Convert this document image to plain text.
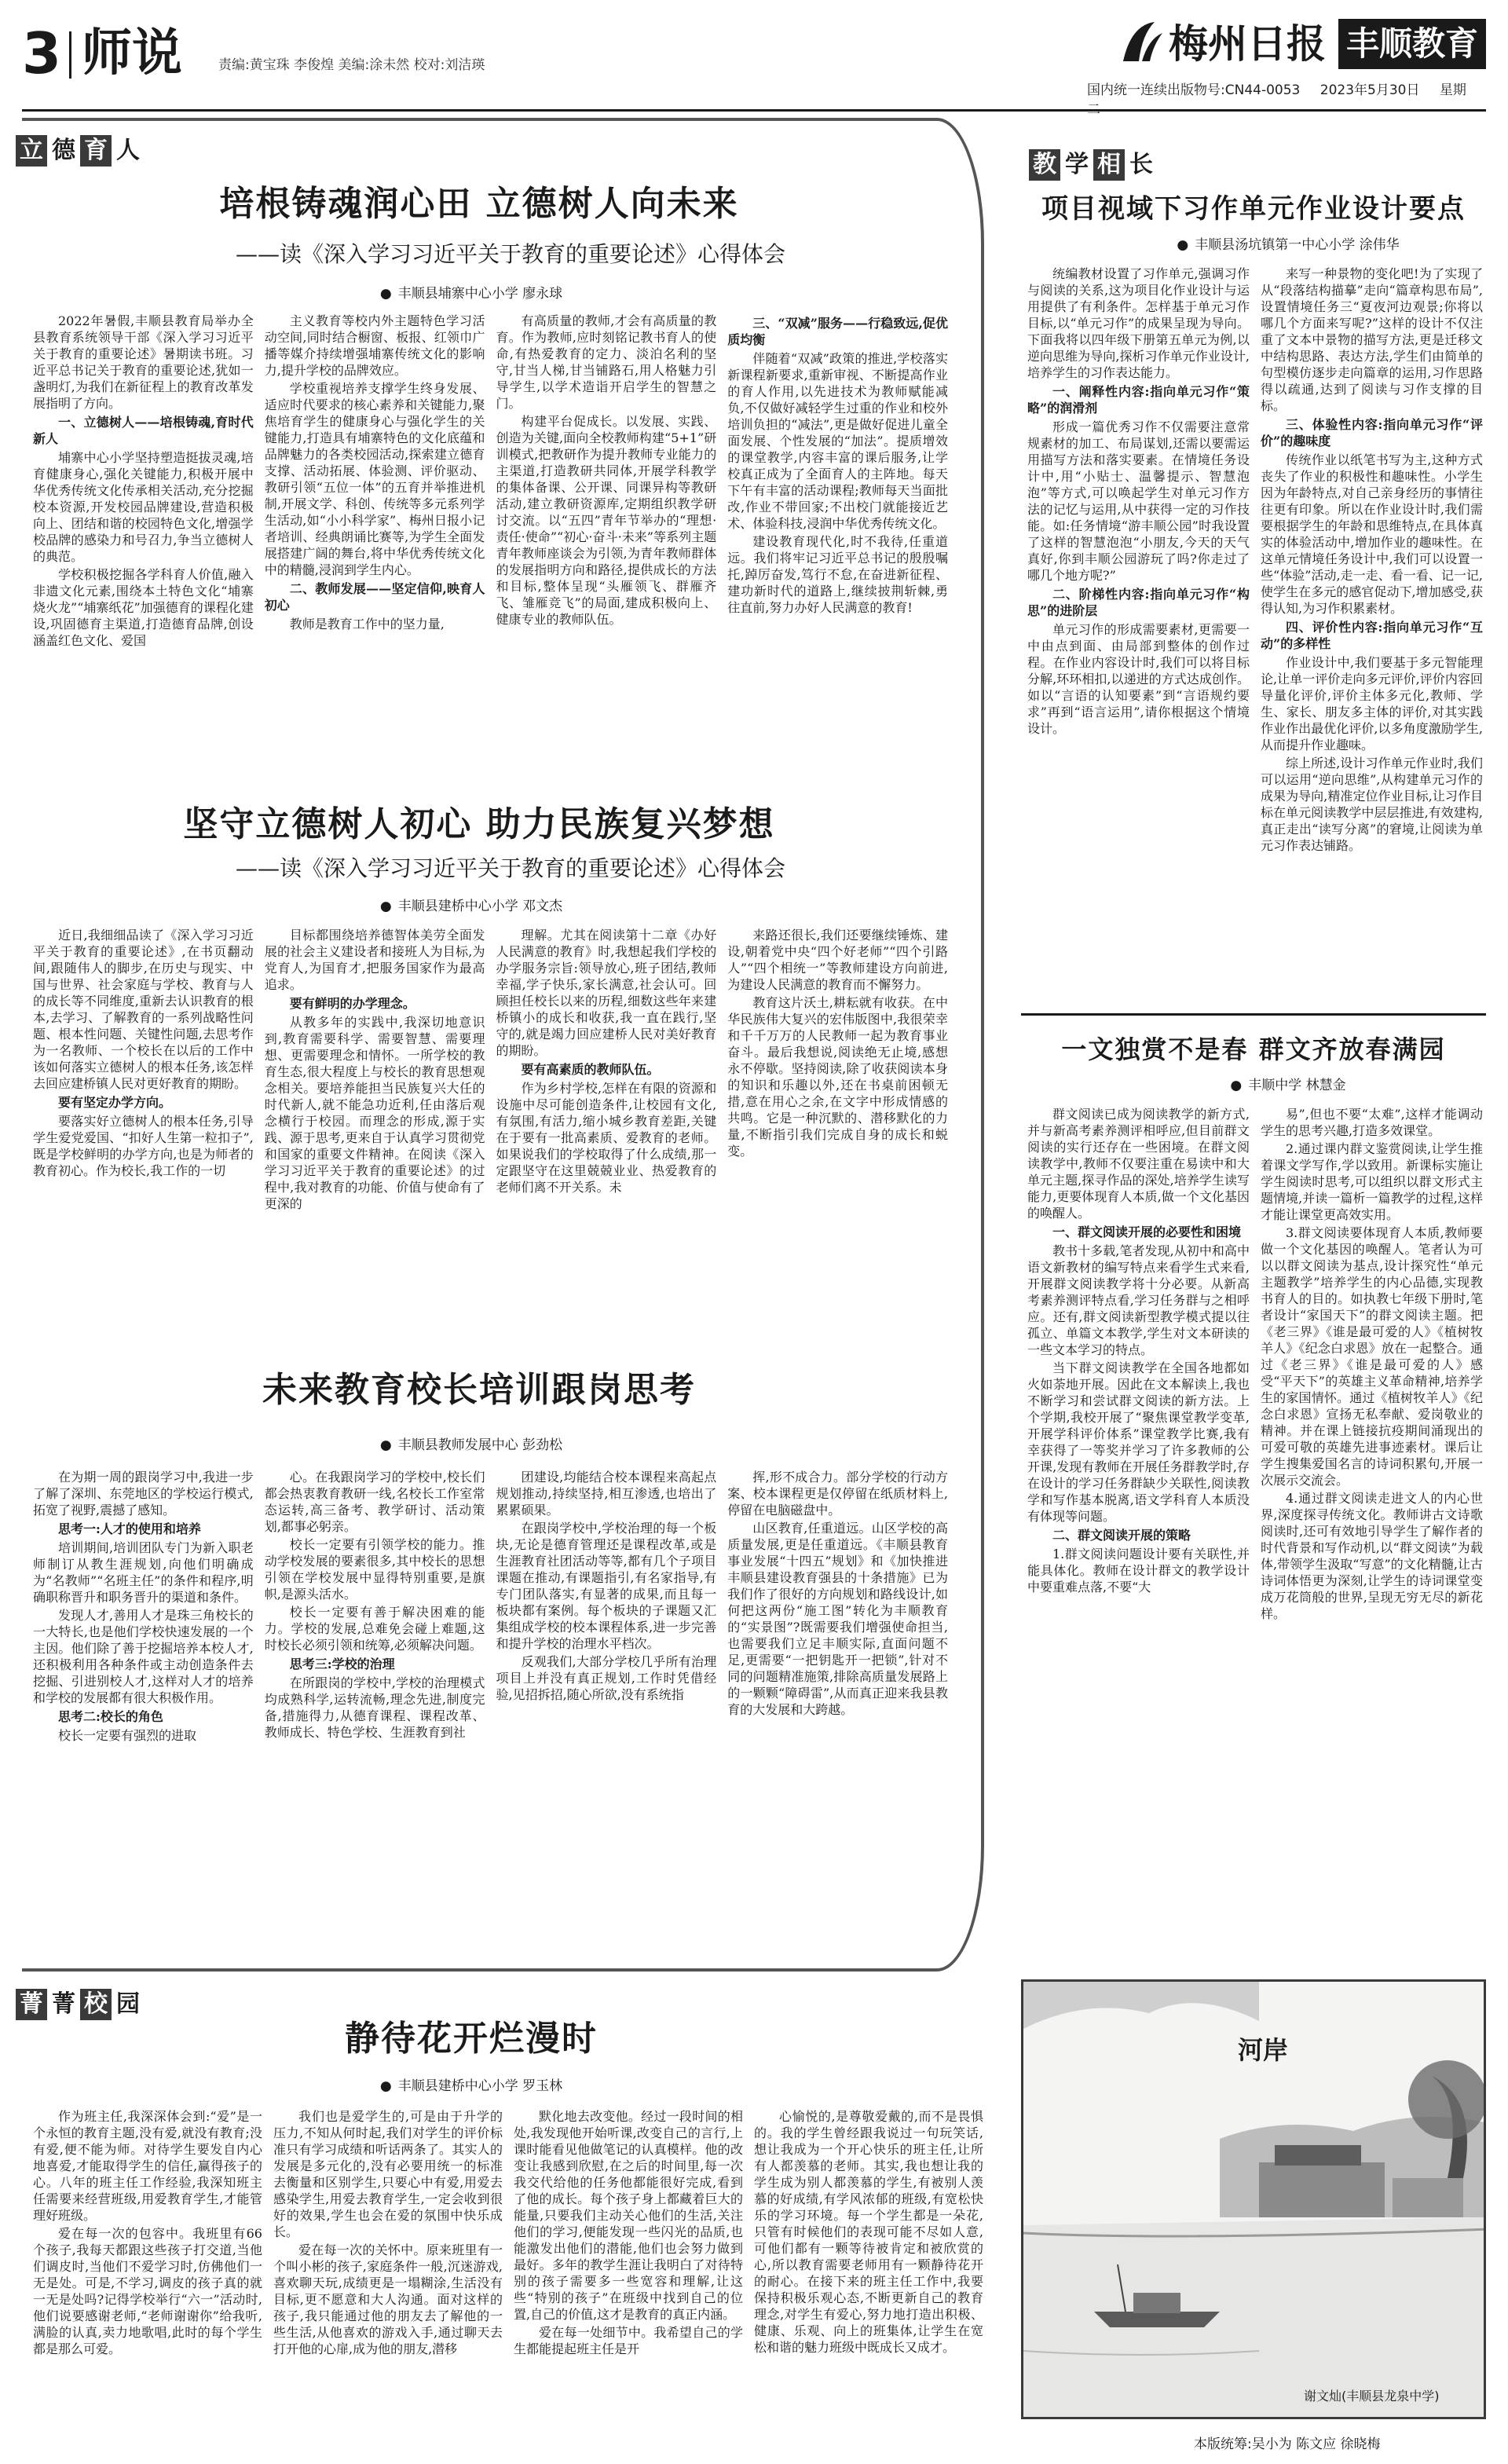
3 师说	责编:黄宝珠 李俊煌 美编:涂未然 校对:刘洁瑛	梅州日报 丰顺教育
国内统一连续出版物号:CN44-0053 2023年5月30日 星期二
立 德 育 人
培根铸魂润心田 立德树人向未来
——读《深入学习习近平关于教育的重要论述》心得体会
● 丰顺县埔寨中心小学 廖永球

2022年暑假,丰顺县教育局举办全县教育系统领导干部《深入学习习近平关于教育的重要论述》暑期读书班。习近平总书记关于教育的重要论述,犹如一盏明灯,为我们在新征程上的教育改革发展指明了方向。

一、立德树人——培根铸魂,育时代新人

埔寨中心小学坚持塑造挺拔灵魂,培育健康身心,强化关键能力,积极开展中华优秀传统文化传承相关活动,充分挖掘校本资源,开发校园品牌建设,营造积极向上、团结和谐的校园特色文化,增强学校品牌的感染力和号召力,争当立德树人的典范。

学校积极挖掘各学科育人价值,融入非遗文化元素,围绕本土特色文化“埔寨烧火龙”“埔寨纸花”加强德育的课程化建设,巩固德育主渠道,打造德育品牌,创设涵盖红色文化、爱国

主义教育等校内外主题特色学习活动空间,同时结合橱窗、板报、红领巾广播等媒介持续增强埔寨传统文化的影响力,提升学校的品牌效应。

学校重视培养支撑学生终身发展、适应时代要求的核心素养和关键能力,聚焦培育学生的健康身心与强化学生的关键能力,打造具有埔寨特色的文化底蕴和品牌魅力的各类校园活动,探索建立德育支撑、活动拓展、体验测、评价驱动、教研引领“五位一体”的五育并举推进机制,开展文学、科创、传统等多元系列学生活动,如“小小科学家”、梅州日报小记者培训、经典朗诵比赛等,为学生全面发展搭建广阔的舞台,将中华优秀传统文化中的精髓,浸润到学生内心。

二、教师发展——坚定信仰,映育人初心

教师是教育工作中的坚力量,

有高质量的教师,才会有高质量的教育。作为教师,应时刻铭记教书育人的使命,有热爱教育的定力、淡泊名利的坚守,甘当人梯,甘当铺路石,用人格魅力引导学生,以学术造诣开启学生的智慧之门。

构建平台促成长。以发展、实践、创造为关键,面向全校教师构建“5+1”研训模式,把教研作为提升教师专业能力的主渠道,打造教研共同体,开展学科教学的集体备课、公开课、同课异构等教研活动,建立教研资源库,定期组织教学研讨交流。以“五四”青年节举办的“理想·责任·使命”“初心·奋斗·未来”等系列主题青年教师座谈会为引领,为青年教师群体的发展指明方向和路径,提供成长的方法和目标,整体呈现“头雁领飞、群雁齐飞、雏雁竞飞”的局面,建成积极向上、健康专业的教师队伍。

三、“双减”服务——行稳致远,促优质均衡

伴随着“双减”政策的推进,学校落实新课程新要求,重新审视、不断提高作业的育人作用,以先进技术为教师赋能减负,不仅做好减轻学生过重的作业和校外培训负担的“减法”,更是做好促进儿童全面发展、个性发展的“加法”。提质增效的课堂教学,内容丰富的课后服务,让学校真正成为了全面育人的主阵地。每天下午有丰富的活动课程;教师每天当面批改,作业不带回家;不出校门就能接近艺术、体验科技,浸润中华优秀传统文化。

建设教育现代化,时不我待,任重道远。我们将牢记习近平总书记的殷殷嘱托,踔厉奋发,笃行不怠,在奋进新征程、建功新时代的道路上,继续披荆斩棘,勇往直前,努力办好人民满意的教育!

坚守立德树人初心 助力民族复兴梦想
——读《深入学习习近平关于教育的重要论述》心得体会
● 丰顺县建桥中心小学 邓文杰

近日,我细细品读了《深入学习习近平关于教育的重要论述》,在书页翻动间,跟随伟人的脚步,在历史与现实、中国与世界、社会家庭与学校、教育与人的成长等不同维度,重新去认识教育的根本,去学习、了解教育的一系列战略性问题、根本性问题、关键性问题,去思考作为一名教师、一个校长在以后的工作中该如何落实立德树人的根本任务,该怎样去回应建桥镇人民对更好教育的期盼。

要有坚定办学方向。

要落实好立德树人的根本任务,引导学生爱党爱国、“扣好人生第一粒扣子”,既是学校鲜明的办学方向,也是为师者的教育初心。作为校长,我工作的一切

目标都围绕培养德智体美劳全面发展的社会主义建设者和接班人为目标,为党育人,为国育才,把服务国家作为最高追求。

要有鲜明的办学理念。

从教多年的实践中,我深切地意识到,教育需要科学、需要智慧、需要理想、更需要理念和情怀。一所学校的教育生态,很大程度上与校长的教育思想观念相关。要培养能担当民族复兴大任的时代新人,就不能急功近利,任由落后观念横行于校园。而理念的形成,源于实践、源于思考,更来自于认真学习贯彻党和国家的重要文件精神。在阅读《深入学习习近平关于教育的重要论述》的过程中,我对教育的功能、价值与使命有了更深的

理解。尤其在阅读第十二章《办好人民满意的教育》时,我想起我们学校的办学服务宗旨:领导放心,班子团结,教师幸福,学子快乐,家长满意,社会认可。回顾担任校长以来的历程,细数这些年来建桥镇小的成长和收获,我一直在践行,坚守的,就是竭力回应建桥人民对美好教育的期盼。

要有高素质的教师队伍。

作为乡村学校,怎样在有限的资源和设施中尽可能创造条件,让校园有文化,有氛围,有活力,缩小城乡教育差距,关键在于要有一批高素质、爱教育的老师。如果说我们的学校取得了什么成绩,那一定跟坚守在这里兢兢业业、热爱教育的老师们离不开关系。未

来路还很长,我们还要继续锤炼、建设,朝着党中央“四个好老师”“四个引路人”“四个相统一”等教师建设方向前进,为建设人民满意的教育而不懈努力。

教育这片沃土,耕耘就有收获。在中华民族伟大复兴的宏伟版图中,我很荣幸和千千万万的人民教师一起为教育事业奋斗。最后我想说,阅读绝无止境,感想永不停歇。坚持阅读,除了收获阅读本身的知识和乐趣以外,还在书桌前困顿无措,意在用心之余,在文字中形成情感的共鸣。它是一种沉默的、潜移默化的力量,不断指引我们完成自身的成长和蜕变。

未来教育校长培训跟岗思考
● 丰顺县教师发展中心 彭劲松

在为期一周的跟岗学习中,我进一步了解了深圳、东莞地区的学校运行模式,拓宽了视野,震撼了感知。

思考一:人才的使用和培养

培训期间,培训团队专门为新入职老师制订从教生涯规划,向他们明确成为“名教师”“名班主任”的条件和程序,明确职称晋升和职务晋升的渠道和条件。

发现人才,善用人才是珠三角校长的一大特长,也是他们学校快速发展的一个主因。他们除了善于挖掘培养本校人才,还积极利用各种条件或主动创造条件去挖掘、引进别校人才,这样对人才的培养和学校的发展都有很大积极作用。

思考二:校长的角色

校长一定要有强烈的进取

心。在我跟岗学习的学校中,校长们都会热衷教育教研一线,名校长工作室常态运转,高三备考、教学研讨、活动策划,都事必躬亲。

校长一定要有引领学校的能力。推动学校发展的要素很多,其中校长的思想引领在学校发展中显得特别重要,是旗帜,是源头活水。

校长一定要有善于解决困难的能力。学校的发展,总难免会碰上难题,这时校长必须引领和统筹,必须解决问题。

思考三:学校的治理

在所跟岗的学校中,学校的治理模式均成熟科学,运转流畅,理念先进,制度完备,措施得力,从德育课程、课程改革、教师成长、特色学校、生涯教育到社

团建设,均能结合校本课程来高起点规划推动,持续坚持,相互渗透,也培出了累累硕果。

在跟岗学校中,学校治理的每一个板块,无论是德育管理还是课程改革,或是生涯教育社团活动等等,都有几个子项目课题在推动,有课题指引,有名家指导,有专门团队落实,有显著的成果,而且每一板块都有案例。每个板块的子课题又汇集组成学校的校本课程体系,进一步完善和提升学校的治理水平档次。

反观我们,大部分学校几乎所有治理项目上并没有真正规划,工作时凭借经验,见招拆招,随心所欲,没有系统指

挥,形不成合力。部分学校的行动方案、校本课程更是仅停留在纸质材料上,停留在电脑磁盘中。

山区教育,任重道远。山区学校的高质量发展,更是任重道远。《丰顺县教育事业发展“十四五”规划》和《加快推进丰顺县建设教育强县的十条措施》已为我们作了很好的方向规划和路线设计,如何把这两份“施工图”转化为丰顺教育的“实景图”?既需要我们增强使命担当,也需要我们立足丰顺实际,直面问题不足,更需要“一把钥匙开一把锁”,针对不同的问题精准施策,排除高质量发展路上的一颗颗“障碍雷”,从而真正迎来我县教育的大发展和大跨越。

菁 菁 校 园
静待花开烂漫时
● 丰顺县建桥中心小学 罗玉林

作为班主任,我深深体会到:“爱”是一个永恒的教育主题,没有爱,就没有教育;没有爱,便不能为师。对待学生要发自内心地喜爱,才能取得学生的信任,赢得孩子的心。八年的班主任工作经验,我深知班主任需要来经营班级,用爱教育学生,才能管理好班级。

爱在每一次的包容中。我班里有66个孩子,我每天都跟这些孩子打交道,当他们调皮时,当他们不爱学习时,仿佛他们一无是处。可是,不学习,调皮的孩子真的就一无是处吗?记得学校举行“六一”活动时,他们说要感谢老师,“老师谢谢你”给我听,满脸的认真,卖力地歌唱,此时的每个学生都是那么可爱。

我们也是爱学生的,可是由于升学的压力,不知从何时起,我们对学生的评价标准只有学习成绩和听话两条了。其实人的发展是多元化的,没有必要用统一的标准去衡量和区别学生,只要心中有爱,用爱去感染学生,用爱去教育学生,一定会收到很好的效果,学生也会在爱的氛围中快乐成长。

爱在每一次的关怀中。原来班里有一个叫小彬的孩子,家庭条件一般,沉迷游戏,喜欢聊天玩,成绩更是一塌糊涂,生活没有目标,更不愿意和大人沟通。面对这样的孩子,我只能通过他的朋友去了解他的一些生活,从他喜欢的游戏入手,通过聊天去打开他的心扉,成为他的朋友,潜移

默化地去改变他。经过一段时间的相处,我发现他开始听课,改变自己的言行,上课时能看见他做笔记的认真模样。他的改变让我感到欣慰,在之后的时间里,每一次我交代给他的任务他都能很好完成,看到了他的成长。每个孩子身上都藏着巨大的能量,只要我们主动关心他们的生活,关注他们的学习,便能发现一些闪光的品质,也能激发出他们的潜能,他们也会努力做到最好。多年的教学生涯让我明白了对待特别的孩子需要多一些宽容和理解,让这些“特别的孩子”在班级中找到自己的位置,自己的价值,这才是教育的真正内涵。

爱在每一处细节中。我希望自己的学生都能提起班主任是开

心愉悦的,是尊敬爱戴的,而不是畏惧的。我的学生曾经跟我说过一句玩笑话,想让我成为一个开心快乐的班主任,让所有人都羡慕的老师。其实,我也想让我的学生成为别人都羡慕的学生,有被别人羡慕的好成绩,有学风浓郁的班级,有宽松快乐的学习环境。每一个学生都是一朵花,只管有时候他们的表现可能不尽如人意,可他们都有一颗等待被肯定和被欣赏的心,所以教育需要老师用有一颗静待花开的耐心。在接下来的班主任工作中,我要保持积极乐观心态,不断更新自己的教育理念,对学生有爱心,努力地打造出积极、健康、乐观、向上的班集体,让学生在宽松和谐的魅力班级中既成长又成才。

教 学 相 长
项目视域下习作单元作业设计要点
● 丰顺县汤坑镇第一中心小学 涂伟华

统编教材设置了习作单元,强调习作与阅读的关系,这为项目化作业设计与运用提供了有利条件。怎样基于单元习作目标,以“单元习作”的成果呈现为导向。下面我将以四年级下册第五单元为例,以逆向思维为导向,探析习作单元作业设计,培养学生的习作表达能力。

一、阐释性内容:指向单元习作“策略”的润滑剂

形成一篇优秀习作不仅需要注意常规素材的加工、布局谋划,还需以要需运用描写方法和落实要素。在情境任务设计中,用“小贴士、温馨提示、智慧泡泡”等方式,可以唤起学生对单元习作方法的记忆与运用,从中获得一定的习作技能。如:任务情境“游丰顺公园”时我设置了这样的智慧泡泡“小朋友,今天的天气真好,你到丰顺公园游玩了吗?你走过了哪几个地方呢?”

二、阶梯性内容:指向单元习作“构思”的进阶层

单元习作的形成需要素材,更需要一中由点到面、由局部到整体的创作过程。在作业内容设计时,我们可以将目标分解,环环相扣,以递进的方式达成创作。如以“言语的认知要素”到“言语规约要求”再到“语言运用”,请你根据这个情境设计。

来写一种景物的变化吧!为了实现了从“段落结构描摹”走向“篇章构思布局”,设置情境任务三“夏夜河边观景;你将以哪几个方面来写呢?”这样的设计不仅注重了文本中景物的描写方法,更是迁移文中结构思路、表达方法,学生们由简单的句型模仿逐步走向篇章的运用,习作思路得以疏通,达到了阅读与习作支撑的目标。

三、体验性内容:指向单元习作“评价”的趣味度

传统作业以纸笔书写为主,这种方式丧失了作业的积极性和趣味性。小学生因为年龄特点,对自己亲身经历的事情往往更有印象。所以在作业设计时,我们需要根据学生的年龄和思维特点,在具体真实的体验活动中,增加作业的趣味性。在这单元情境任务设计中,我们可以设置一些“体验”活动,走一走、看一看、记一记,使学生在多元的感官促动下,增加感受,获得认知,为习作积累素材。

四、评价性内容:指向单元习作“互动”的多样性

作业设计中,我们要基于多元智能理论,让单一评价走向多元评价,评价内容回导量化评价,评价主体多元化,教师、学生、家长、朋友多主体的评价,对其实践作业作出最优化评价,以多角度激励学生,从而提升作业趣味。

综上所述,设计习作单元作业时,我们可以运用“逆向思维”,从构建单元习作的成果为导向,精准定位作业目标,让习作目标在单元阅读教学中层层推进,有效建构,真正走出“读写分离”的窘境,让阅读为单元习作表达铺路。

一文独赏不是春 群文齐放春满园
● 丰顺中学 林慧金

群文阅读已成为阅读教学的新方式,并与新高考素养测评相呼应,但目前群文阅读的实行还存在一些困境。在群文阅读教学中,教师不仅要注重在易读中和大单元主题,探寻作品的深处,培养学生读写能力,更要体现育人本质,做一个文化基因的唤醒人。

一、群文阅读开展的必要性和困境

教书十多载,笔者发现,从初中和高中语文新教材的编写特点来看学生式来看,开展群文阅读教学将十分必要。从新高考素养测评特点看,学习任务群与之相呼应。还有,群文阅读新型教学模式提以往孤立、单篇文本教学,学生对文本研读的一些文本学习的特点。

当下群文阅读教学在全国各地都如火如荼地开展。因此在文本解读上,我也不断学习和尝试群文阅读的新方法。上个学期,我校开展了“聚焦课堂教学变革,开展学科评价体系”课堂教学比赛,我有幸获得了一等奖并学习了许多教师的公开课,发现有教师在开展任务群教学时,存在设计的学习任务群缺少关联性,阅读教学和写作基本脱离,语文学科育人本质没有体现等问题。

二、群文阅读开展的策略

1.群文阅读问题设计要有关联性,并能具体化。教师在设计群文的教学设计中要重难点落,不要“大

易”,但也不要“太难”,这样才能调动学生的思考兴趣,打造多效课堂。

2.通过课内群文鉴赏阅读,让学生推着课文学写作,学以致用。新课标实施让学生阅读时思考,可以组织以群文形式主题情境,并读一篇析一篇教学的过程,这样才能让课堂更高效实用。

3.群文阅读要体现育人本质,教师要做一个文化基因的唤醒人。笔者认为可以以群文阅读为基点,设计探究性“单元主题教学”培养学生的内心品德,实现教书育人的目的。如执教七年级下册时,笔者设计“家国天下”的群文阅读主题。把《老三界》《谁是最可爱的人》《植树牧羊人》《纪念白求恩》放在一起整合。通过《老三界》《谁是最可爱的人》感受“平天下”的英雄主义革命精神,培养学生的家国情怀。通过《植树牧羊人》《纪念白求恩》宣扬无私奉献、爱岗敬业的精神。并在课上链接抗疫期间涌现出的可爱可敬的英雄先进事迹素材。课后让学生搜集爱国名言的诗词积累句,开展一次展示交流会。

4.通过群文阅读走进文人的内心世界,深度探寻传统文化。教师讲古文诗歌阅读时,还可有效地引导学生了解作者的时代背景和写作动机,以“群文阅读”为载体,带领学生汲取“写意”的文化精髓,让古诗词体悟更为深刻,让学生的诗词课堂变成万花筒般的世界,呈现无穷无尽的新花样。

河岸
谢文灿(丰顺县龙泉中学)
本版统筹:吴小为 陈文应 徐晓梅
